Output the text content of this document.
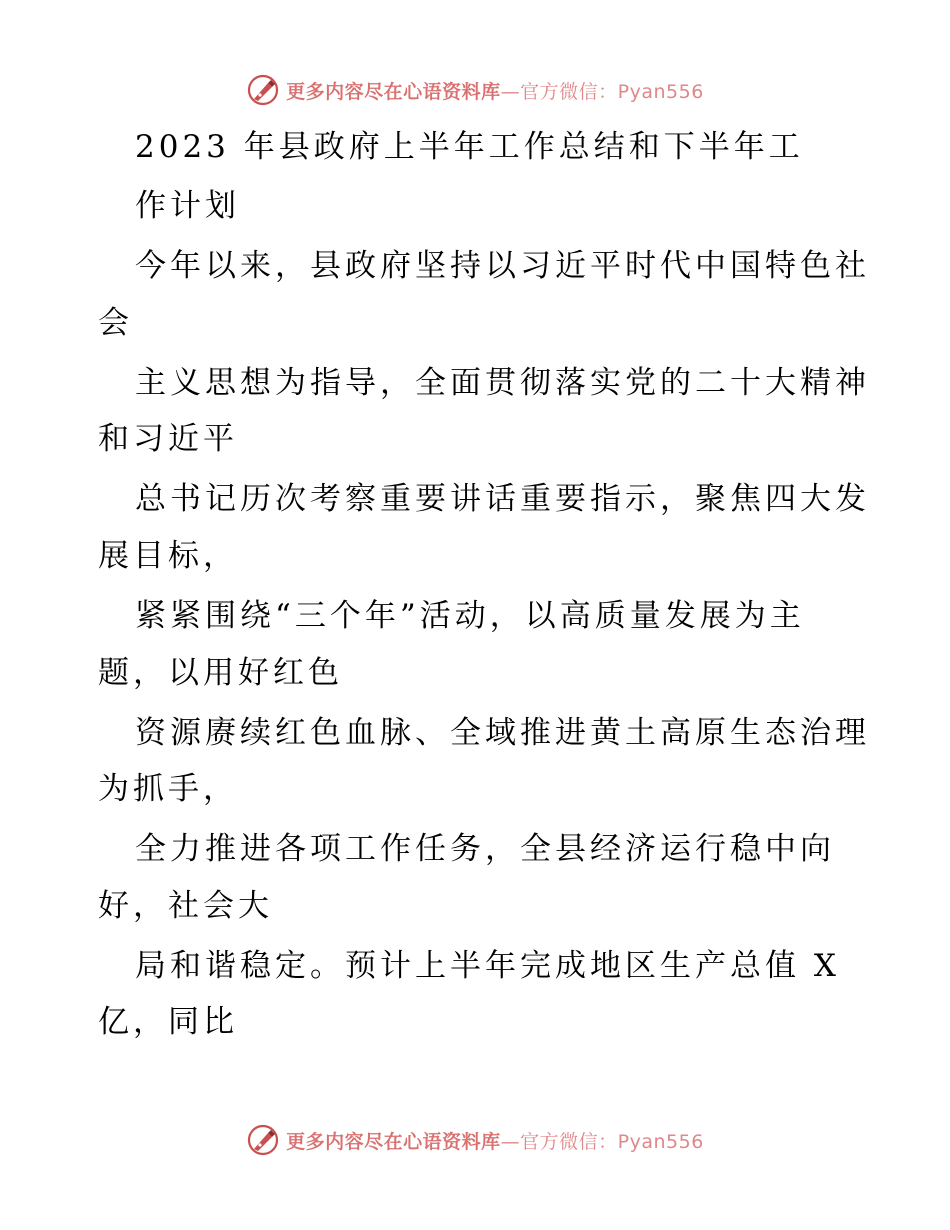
更多内容尽在心语资料库—官方微信：Pyan556
2023 年县政府上半年工作总结和下半年工
作计划
今年以来，县政府坚持以习近平时代中国特色社
会
主义思想为指导，全面贯彻落实党的二十大精神
和习近平
总书记历次考察重要讲话重要指示，聚焦四大发
展目标，
紧紧围绕“三个年”活动，以高质量发展为主
题，以用好红色
资源赓续红色血脉、全域推进黄土高原生态治理
为抓手，
全力推进各项工作任务，全县经济运行稳中向
好，社会大
局和谐稳定。预计上半年完成地区生产总值 X
亿，同比
更多内容尽在心语资料库—官方微信：Pyan556
